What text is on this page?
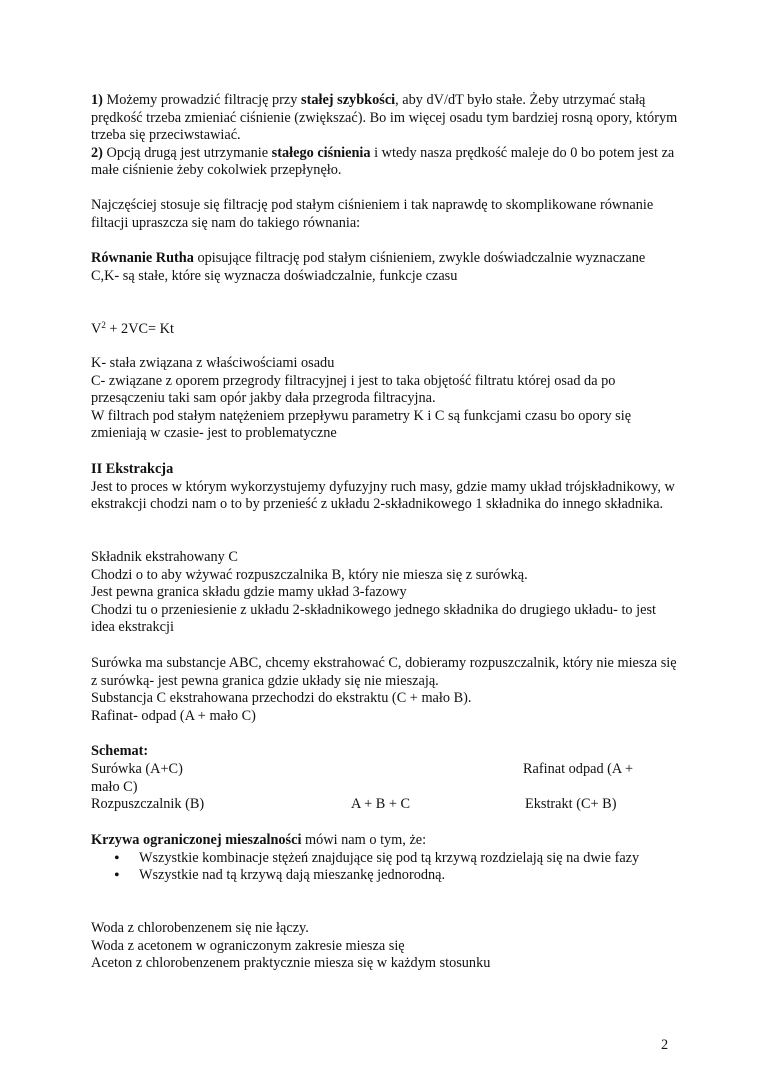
1) Możemy prowadzić filtrację przy stałej szybkości, aby dV/dT było stałe. Żeby utrzymać stałą prędkość trzeba zmieniać ciśnienie (zwiększać). Bo im więcej osadu tym bardziej rosną opory, którym trzeba się przeciwstawiać.

2) Opcją drugą jest utrzymanie stałego ciśnienia i wtedy nasza prędkość maleje do 0 bo potem jest za małe ciśnienie żeby cokolwiek przepłynęło.

Najczęściej stosuje się filtrację pod stałym ciśnieniem i tak naprawdę to skomplikowane równanie filtacji upraszcza się nam do takiego równania:

Równanie Rutha opisujące filtrację pod stałym ciśnieniem, zwykle doświadczalnie wyznaczane

C,K- są stałe, które się wyznacza doświadczalnie, funkcje czasu

$V^2 + 2VC= Kt$

K- stała związana z właściwościami osadu

C- związane z oporem przegrody filtracyjnej i jest to taka objętość filtratu której osad da po przesączeniu taki sam opór jakby dała przegroda filtracyjna.

W filtrach pod stałym natężeniem przepływu parametry K i C są funkcjami czasu bo opory się zmieniają w czasie- jest to problematyczne

II Ekstrakcja

Jest to proces w którym wykorzystujemy dyfuzyjny ruch masy, gdzie mamy układ trójskładnikowy, w ekstrakcji chodzi nam o to by przenieść z układu 2-składnikowego 1 składnika do innego składnika.

Składnik ekstrahowany C

Chodzi o to aby wżywać rozpuszczalnika B, który nie miesza się z surówką.

Jest pewna granica składu gdzie mamy układ 3-fazowy

Chodzi tu o przeniesienie z układu 2-składnikowego jednego składnika do drugiego układu- to jest idea ekstrakcji

Surówka ma substancje ABC, chcemy ekstrahować C, dobieramy rozpuszczalnik, który nie miesza się z surówką- jest pewna granica gdzie układy się nie mieszają.

Substancja C ekstrahowana przechodzi do ekstraktu (C + mało B).

Rafinat- odpad (A + mało C)

Schemat:

Surówka (A+C)	Rafinat odpad (A +
mało C)
Rozpuszczalnik (B)	A + B + C	Ekstrakt (C+ B)

Krzywa ograniczonej mieszalności mówi nam o tym, że:

• Wszystkie kombinacje stężeń znajdujące się pod tą krzywą rozdzielają się na dwie fazy
• Wszystkie nad tą krzywą dają mieszankę jednorodną.

Woda z chlorobenzenem się nie łączy.

Woda z acetonem w ograniczonym zakresie miesza się

Aceton z chlorobenzenem praktycznie miesza się w każdym stosunku

2
